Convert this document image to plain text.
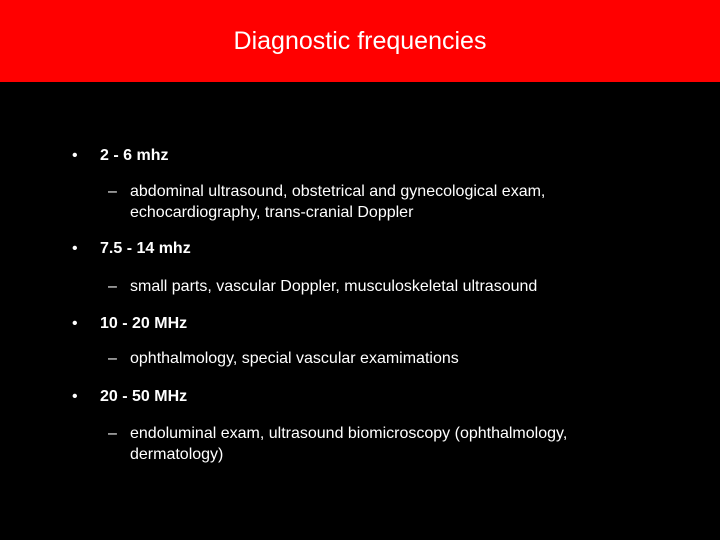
Diagnostic frequencies
• 2 - 6 mhz
– abdominal ultrasound, obstetrical and gynecological exam, echocardiography, trans-cranial Doppler
• 7.5 - 14 mhz
– small parts, vascular Doppler, musculoskeletal ultrasound
• 10 - 20 MHz
– ophthalmology, special vascular examimations
• 20 - 50 MHz
– endoluminal exam, ultrasound biomicroscopy (ophthalmology, dermatology)
